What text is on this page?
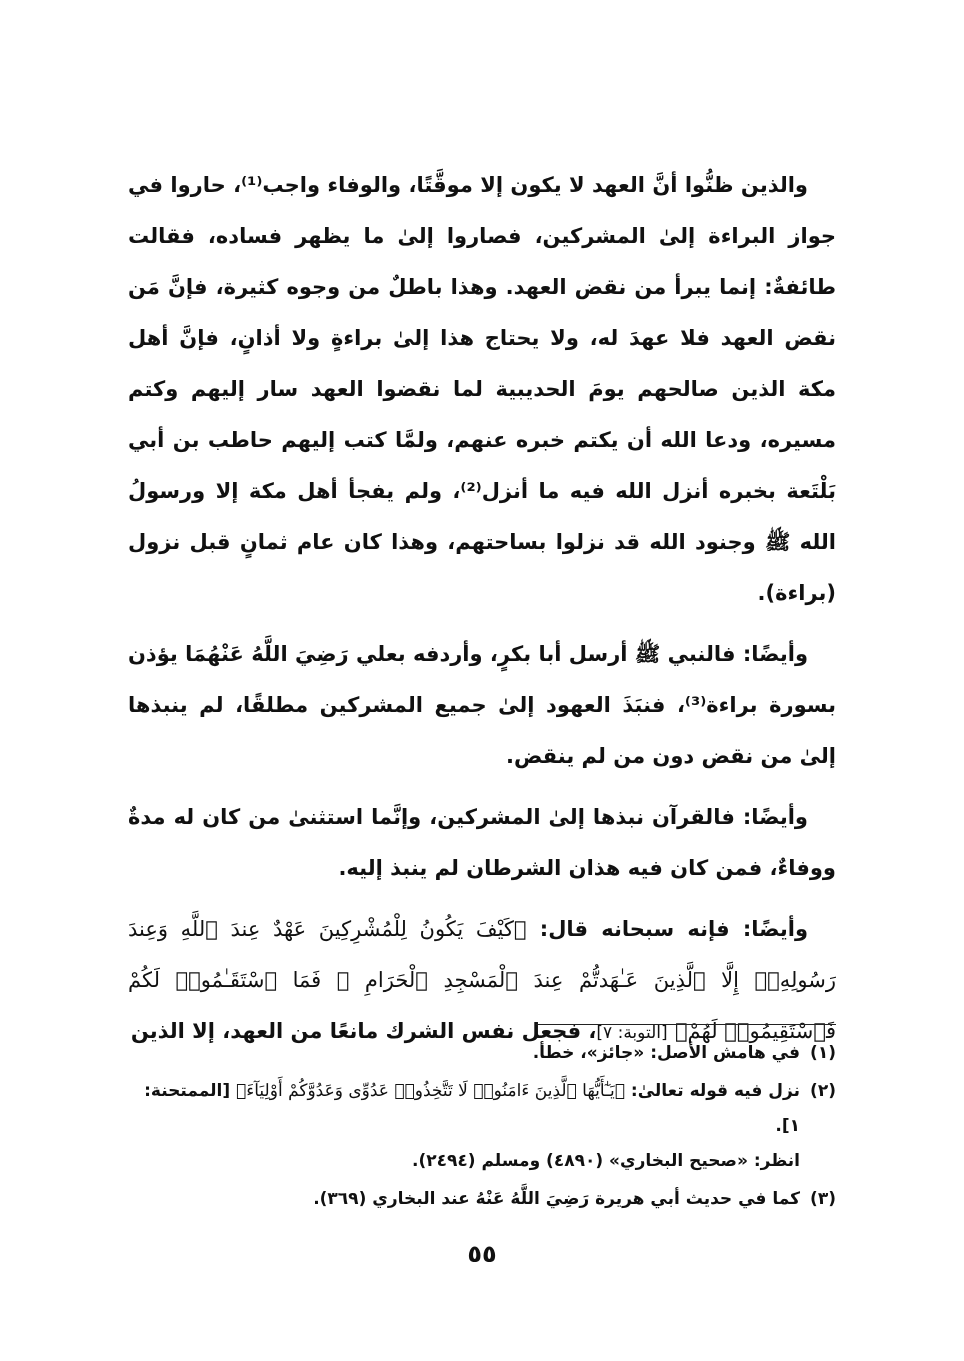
والذين ظنُّوا أنَّ العهد لا يكون إلا موقَّتًا، والوفاء واجب⁽¹⁾، حاروا في جواز البراءة إلىٰ المشركين، فصاروا إلىٰ ما يظهر فساده، فقالت طائفةٌ: إنما يبرأ من نقض العهد. وهذا باطلٌ من وجوه كثيرة، فإنَّ مَن نقض العهد فلا عهدَ له، ولا يحتاج هذا إلىٰ براءةٍ ولا أذانٍ، فإنَّ أهل مكة الذين صالحهم يومَ الحديبية لما نقضوا العهد سار إليهم وكتم مسيره، ودعا الله أن يكتم خبره عنهم، ولمَّا كتب إليهم حاطب بن أبي بَلْتَعة بخبره أنزل الله فيه ما أنزل⁽²⁾، ولم يفجأ أهل مكة إلا ورسولُ الله ﷺ وجنود الله قد نزلوا بساحتهم، وهذا كان عام ثمانٍ قبل نزول (براءة).

وأيضًا: فالنبي ﷺ أرسل أبا بكرٍ، وأردفه بعلي رَضِيَ اللَّهُ عَنْهُمَا يؤذن بسورة براءة⁽³⁾، فنبَذَ العهود إلىٰ جميع المشركين مطلقًا، لم ينبذها إلىٰ من نقض دون من لم ينقض.

وأيضًا: فالقرآن نبذها إلىٰ المشركين، وإنَّما استثنىٰ من كان له مدةٌ ووفاءٌ، فمن كان فيه هذان الشرطان لم ينبذ إليه.

وأيضًا: فإنه سبحانه قال: ﴿كَيْفَ يَكُونُ لِلْمُشْرِكِينَ عَهْدٌ عِندَ ٱللَّهِ وَعِندَ رَسُولِهِۦٓ إِلَّا ٱلَّذِينَ عَـٰهَدتُّمْ عِندَ ٱلْمَسْجِدِ ٱلْحَرَامِ ۖ فَمَا ٱسْتَقَـٰمُوا۟ لَكُمْ فَٱسْتَقِيمُوا۟ لَهُمْ﴾ [التوبة: ٧]، فجعل نفس الشرك مانعًا من العهد، إلا الذين

(١)
في هامش الأصل: «جائز»، خطأ.
(٢)
نزل فيه قوله تعالىٰ: ﴿يَـٰٓأَيُّهَا ٱلَّذِينَ ءَامَنُوا۟ لَا تَتَّخِذُوا۟ عَدُوِّى وَعَدُوَّكُمْ أَوْلِيَآءَ﴾ [الممتحنة: ١].
انظر: «صحيح البخاري» (٤٨٩٠) ومسلم (٢٤٩٤).
(٣)
كما في حديث أبي هريرة رَضِيَ اللَّهُ عَنْهُ عند البخاري (٣٦٩).
٥٥
